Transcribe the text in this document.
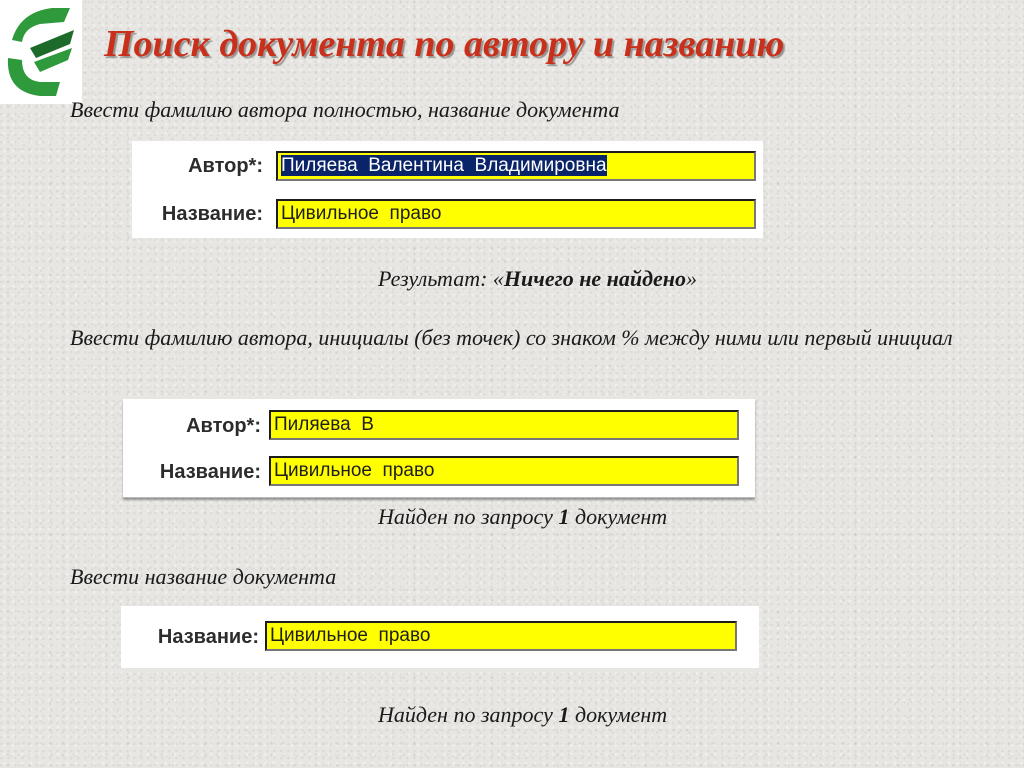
Поиск документа по автору и названию

Ввести фамилию автора полностью, название документа

Автор*: Пиляева  Валентина  Владимировна
Название: Цивильное  право

Результат: «Ничего не найдено»

Ввести фамилию автора, инициалы (без точек) со знаком % между ними или первый инициал

Автор*: Пиляева  В
Название: Цивильное  право

Найден по запросу 1 документ

Ввести название документа

Название: Цивильное  право

Найден по запросу 1 документ
